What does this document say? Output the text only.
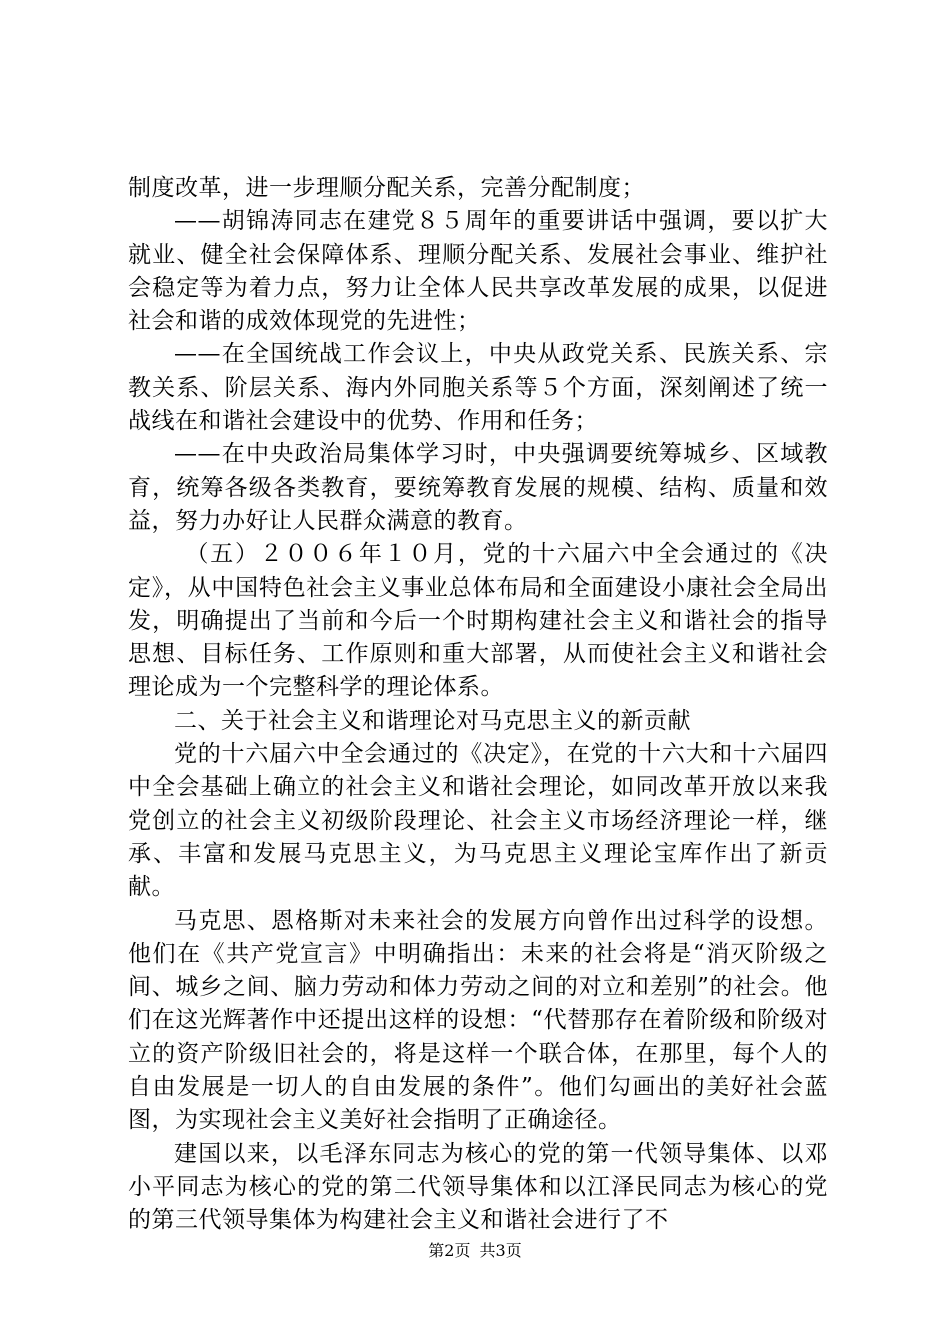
制度改革，进一步理顺分配关系，完善分配制度；

——胡锦涛同志在建党８５周年的重要讲话中强调，要以扩大就业、健全社会保障体系、理顺分配关系、发展社会事业、维护社会稳定等为着力点，努力让全体人民共享改革发展的成果，以促进社会和谐的成效体现党的先进性；

——在全国统战工作会议上，中央从政党关系、民族关系、宗教关系、阶层关系、海内外同胞关系等５个方面，深刻阐述了统一战线在和谐社会建设中的优势、作用和任务；

——在中央政治局集体学习时，中央强调要统筹城乡、区域教育，统筹各级各类教育，要统筹教育发展的规模、结构、质量和效益，努力办好让人民群众满意的教育。

（五）２００６年１０月，党的十六届六中全会通过的《决定》，从中国特色社会主义事业总体布局和全面建设小康社会全局出发，明确提出了当前和今后一个时期构建社会主义和谐社会的指导思想、目标任务、工作原则和重大部署，从而使社会主义和谐社会理论成为一个完整科学的理论体系。

二、关于社会主义和谐理论对马克思主义的新贡献

党的十六届六中全会通过的《决定》，在党的十六大和十六届四中全会基础上确立的社会主义和谐社会理论，如同改革开放以来我党创立的社会主义初级阶段理论、社会主义市场经济理论一样，继承、丰富和发展马克思主义，为马克思主义理论宝库作出了新贡献。

马克思、恩格斯对未来社会的发展方向曾作出过科学的设想。他们在《共产党宣言》中明确指出：未来的社会将是“消灭阶级之间、城乡之间、脑力劳动和体力劳动之间的对立和差别”的社会。他们在这光辉著作中还提出这样的设想：“代替那存在着阶级和阶级对立的资产阶级旧社会的，将是这样一个联合体，在那里，每个人的自由发展是一切人的自由发展的条件”。他们勾画出的美好社会蓝图，为实现社会主义美好社会指明了正确途径。

建国以来，以毛泽东同志为核心的党的第一代领导集体、以邓小平同志为核心的党的第二代领导集体和以江泽民同志为核心的党的第三代领导集体为构建社会主义和谐社会进行了不

第2页 共3页
